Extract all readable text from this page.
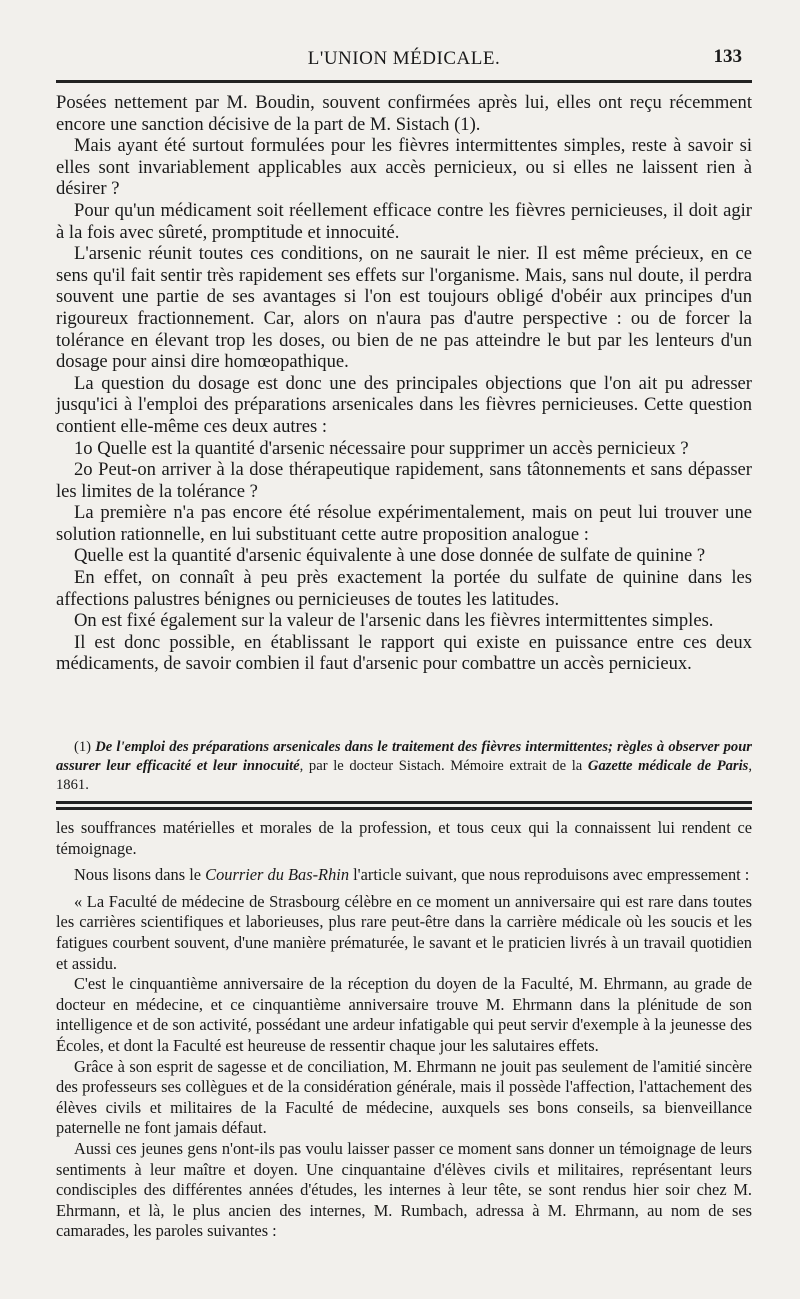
L'UNION MÉDICALE.	133

Posées nettement par M. Boudin, souvent confirmées après lui, elles ont reçu récemment encore une sanction décisive de la part de M. Sistach (1).

Mais ayant été surtout formulées pour les fièvres intermittentes simples, reste à savoir si elles sont invariablement applicables aux accès pernicieux, ou si elles ne laissent rien à désirer ?

Pour qu'un médicament soit réellement efficace contre les fièvres pernicieuses, il doit agir à la fois avec sûreté, promptitude et innocuité.

L'arsenic réunit toutes ces conditions, on ne saurait le nier. Il est même précieux, en ce sens qu'il fait sentir très rapidement ses effets sur l'organisme. Mais, sans nul doute, il perdra souvent une partie de ses avantages si l'on est toujours obligé d'obéir aux principes d'un rigoureux fractionnement. Car, alors on n'aura pas d'autre perspective : ou de forcer la tolérance en élevant trop les doses, ou bien de ne pas atteindre le but par les lenteurs d'un dosage pour ainsi dire homœopathique.

La question du dosage est donc une des principales objections que l'on ait pu adresser jusqu'ici à l'emploi des préparations arsenicales dans les fièvres pernicieuses. Cette question contient elle-même ces deux autres :

1o Quelle est la quantité d'arsenic nécessaire pour supprimer un accès pernicieux ?

2o Peut-on arriver à la dose thérapeutique rapidement, sans tâtonnements et sans dépasser les limites de la tolérance ?

La première n'a pas encore été résolue expérimentalement, mais on peut lui trouver une solution rationnelle, en lui substituant cette autre proposition analogue :

Quelle est la quantité d'arsenic équivalente à une dose donnée de sulfate de quinine ?

En effet, on connaît à peu près exactement la portée du sulfate de quinine dans les affections palustres bénignes ou pernicieuses de toutes les latitudes.

On est fixé également sur la valeur de l'arsenic dans les fièvres intermittentes simples.

Il est donc possible, en établissant le rapport qui existe en puissance entre ces deux médicaments, de savoir combien il faut d'arsenic pour combattre un accès pernicieux.

(1) De l'emploi des préparations arsenicales dans le traitement des fièvres intermittentes; règles à observer pour assurer leur efficacité et leur innocuité, par le docteur Sistach. Mémoire extrait de la Gazette médicale de Paris, 1861.

les souffrances matérielles et morales de la profession, et tous ceux qui la connaissent lui rendent ce témoignage.

Nous lisons dans le Courrier du Bas-Rhin l'article suivant, que nous reproduisons avec empressement :

« La Faculté de médecine de Strasbourg célèbre en ce moment un anniversaire qui est rare dans toutes les carrières scientifiques et laborieuses, plus rare peut-être dans la carrière médicale où les soucis et les fatigues courbent souvent, d'une manière prématurée, le savant et le praticien livrés à un travail quotidien et assidu.

C'est le cinquantième anniversaire de la réception du doyen de la Faculté, M. Ehrmann, au grade de docteur en médecine, et ce cinquantième anniversaire trouve M. Ehrmann dans la plénitude de son intelligence et de son activité, possédant une ardeur infatigable qui peut servir d'exemple à la jeunesse des Écoles, et dont la Faculté est heureuse de ressentir chaque jour les salutaires effets.

Grâce à son esprit de sagesse et de conciliation, M. Ehrmann ne jouit pas seulement de l'amitié sincère des professeurs ses collègues et de la considération générale, mais il possède l'affection, l'attachement des élèves civils et militaires de la Faculté de médecine, auxquels ses bons conseils, sa bienveillance paternelle ne font jamais défaut.

Aussi ces jeunes gens n'ont-ils pas voulu laisser passer ce moment sans donner un témoignage de leurs sentiments à leur maître et doyen. Une cinquantaine d'élèves civils et militaires, représentant leurs condisciples des différentes années d'études, les internes à leur tête, se sont rendus hier soir chez M. Ehrmann, et là, le plus ancien des internes, M. Rumbach, adressa à M. Ehrmann, au nom de ses camarades, les paroles suivantes :
